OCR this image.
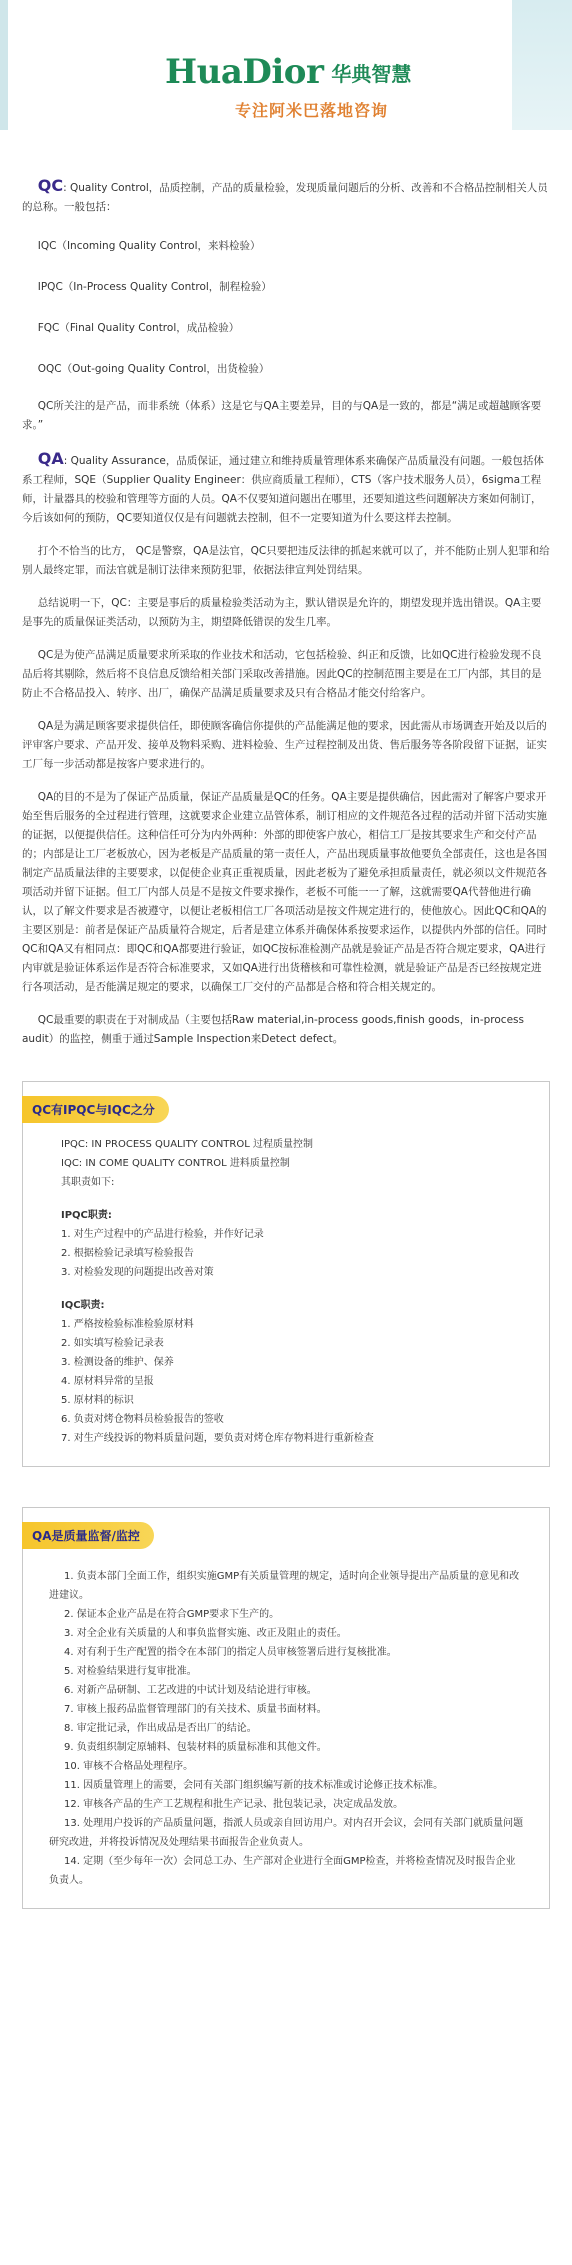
HuaDior 华典智慧
专注阿米巴落地咨询

QC: Quality Control，品质控制，产品的质量检验，发现质量问题后的分析、改善和不合格品控制相关人员的总称。一般包括：

IQC（Incoming Quality Control，来料检验）

IPQC（In-Process Quality Control，制程检验）

FQC（Final Quality Control，成品检验）

OQC（Out-going Quality Control，出货检验）

QC所关注的是产品，而非系统（体系）这是它与QA主要差异，目的与QA是一致的，都是“满足或超越顾客要求。”

QA: Quality Assurance，品质保证，通过建立和维持质量管理体系来确保产品质量没有问题。一般包括体系工程师，SQE（Supplier Quality Engineer：供应商质量工程师），CTS（客户技术服务人员），6sigma工程师，计量器具的校验和管理等方面的人员。QA不仅要知道问题出在哪里，还要知道这些问题解决方案如何制订，今后该如何的预防，QC要知道仅仅是有问题就去控制，但不一定要知道为什么要这样去控制。

打个不恰当的比方， QC是警察，QA是法官，QC只要把违反法律的抓起来就可以了，并不能防止别人犯罪和给别人最终定罪，而法官就是制订法律来预防犯罪，依据法律宣判处罚结果。

总结说明一下，QC：主要是事后的质量检验类活动为主，默认错误是允许的，期望发现并选出错误。QA主要是事先的质量保证类活动，以预防为主，期望降低错误的发生几率。

QC是为使产品满足质量要求所采取的作业技术和活动，它包括检验、纠正和反馈，比如QC进行检验发现不良品后将其剔除，然后将不良信息反馈给相关部门采取改善措施。因此QC的控制范围主要是在工厂内部，其目的是防止不合格品投入、转序、出厂，确保产品满足质量要求及只有合格品才能交付给客户。

QA是为满足顾客要求提供信任，即使顾客确信你提供的产品能满足他的要求，因此需从市场调查开始及以后的评审客户要求、产品开发、接单及物料采购、进料检验、生产过程控制及出货、售后服务等各阶段留下证据，证实工厂每一步活动都是按客户要求进行的。

QA的目的不是为了保证产品质量，保证产品质量是QC的任务。QA主要是提供确信，因此需对了解客户要求开始至售后服务的全过程进行管理，这就要求企业建立品管体系，制订相应的文件规范各过程的活动并留下活动实施的证据，以便提供信任。这种信任可分为内外两种：外部的即使客户放心，相信工厂是按其要求生产和交付产品的；内部是让工厂老板放心，因为老板是产品质量的第一责任人，产品出现质量事故他要负全部责任，这也是各国制定产品质量法律的主要要求，以促使企业真正重视质量，因此老板为了避免承担质量责任，就必须以文件规范各项活动并留下证据。但工厂内部人员是不是按文件要求操作，老板不可能一一了解，这就需要QA代替他进行确认，以了解文件要求是否被遵守，以便让老板相信工厂各项活动是按文件规定进行的，使他放心。因此QC和QA的主要区别是：前者是保证产品质量符合规定，后者是建立体系并确保体系按要求运作，以提供内外部的信任。同时QC和QA又有相同点：即QC和QA都要进行验证，如QC按标准检测产品就是验证产品是否符合规定要求，QA进行内审就是验证体系运作是否符合标准要求，又如QA进行出货稽核和可靠性检测，就是验证产品是否已经按规定进行各项活动，是否能满足规定的要求，以确保工厂交付的产品都是合格和符合相关规定的。

QC最重要的职责在于对制成品（主要包括Raw material,in-process goods,finish goods，in-process audit）的监控，侧重于通过Sample Inspection来Detect defect。

QC有IPQC与IQC之分
IPQC: IN PROCESS QUALITY CONTROL 过程质量控制
IQC: IN COME QUALITY CONTROL 进料质量控制
其职责如下:
IPQC职责:
1. 对生产过程中的产品进行检验，并作好记录
2. 根据检验记录填写检验报告
3. 对检验发现的问题提出改善对策
IQC职责:
1. 严格按检验标准检验原材料
2. 如实填写检验记录表
3. 检测设备的维护、保养
4. 原材料异常的呈报
5. 原材料的标识
6. 负责对烤仓物料员检验报告的签收
7. 对生产线投诉的物料质量问题，要负责对烤仓库存物料进行重新检查
QA是质量监督/监控
1. 负责本部门全面工作，组织实施GMP有关质量管理的规定，适时向企业领导提出产品质量的意见和改进建议。
2. 保证本企业产品是在符合GMP要求下生产的。
3. 对全企业有关质量的人和事负监督实施、改正及阻止的责任。
4. 对有利于生产配置的指令在本部门的指定人员审核签署后进行复核批准。
5. 对检验结果进行复审批准。
6. 对新产品研制、工艺改进的中试计划及结论进行审核。
7. 审核上报药品监督管理部门的有关技术、质量书面材料。
8. 审定批记录，作出成品是否出厂的结论。
9. 负责组织制定原辅料、包装材料的质量标准和其他文件。
10. 审核不合格品处理程序。
11. 因质量管理上的需要，会同有关部门组织编写新的技术标准或讨论修正技术标准。
12. 审核各产品的生产工艺规程和批生产记录、批包装记录，决定成品发放。
13. 处理用户投诉的产品质量问题，指派人员或亲自回访用户。对内召开会议，会同有关部门就质量问题研究改进，并将投诉情况及处理结果书面报告企业负责人。
14. 定期（至少每年一次）会同总工办、生产部对企业进行全面GMP检查，并将检查情况及时报告企业负责人。
